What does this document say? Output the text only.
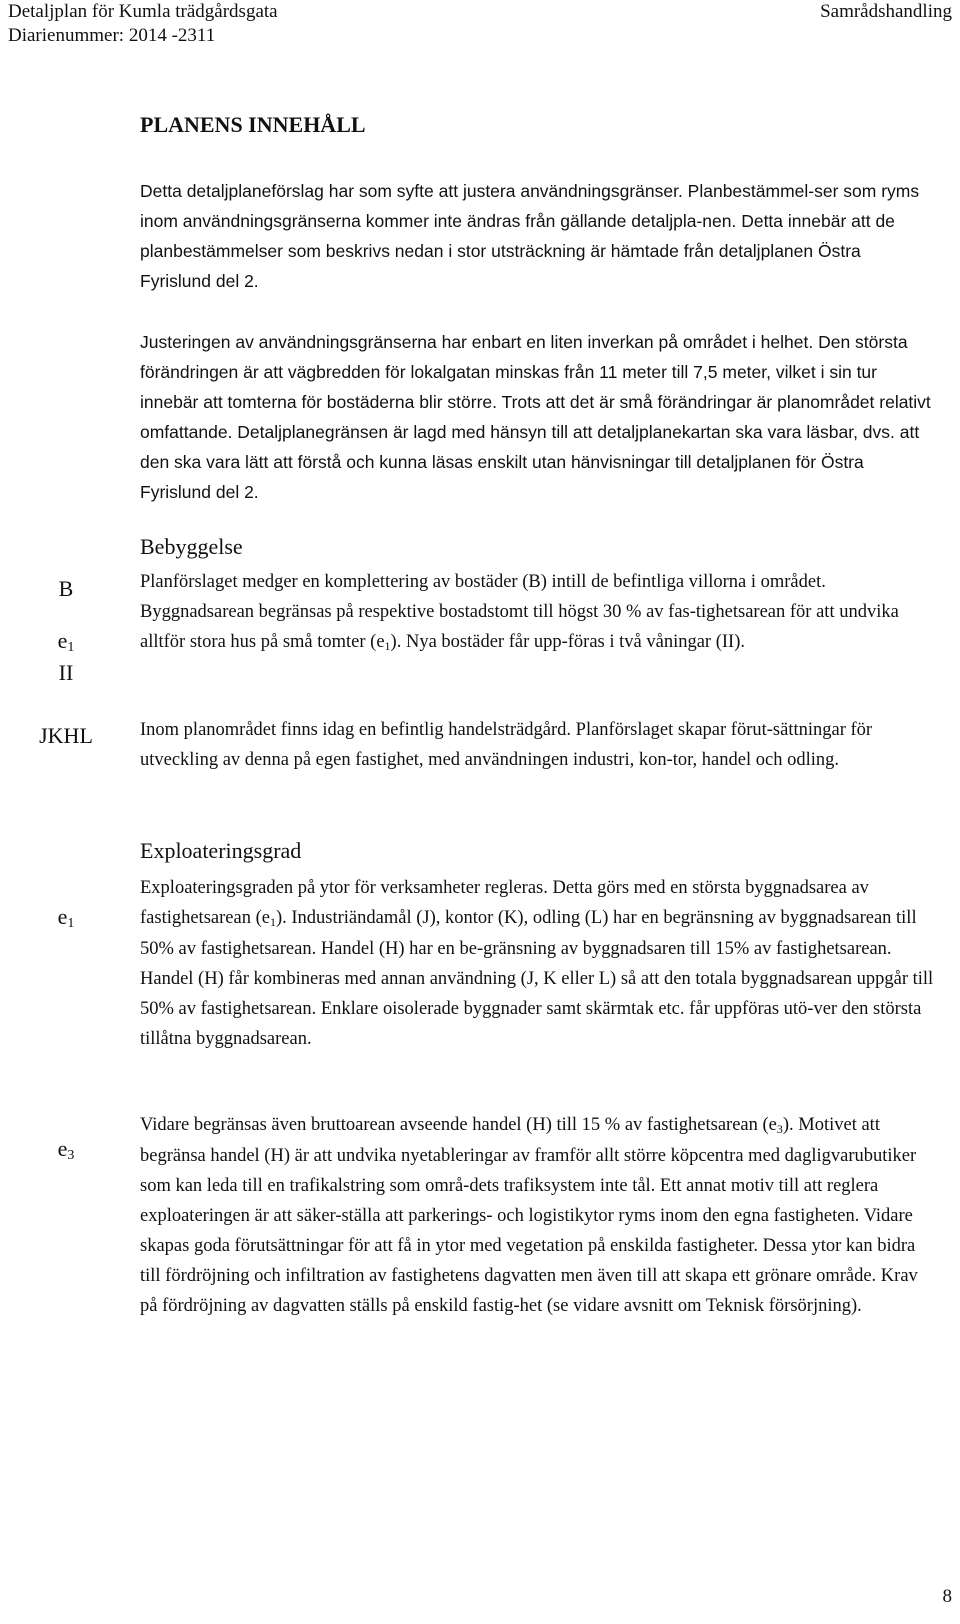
Detaljplan för Kumla trädgårdsgata
Diarienummer: 2014 -2311
Samrådshandling
PLANENS INNEHÅLL

Detta detaljplaneförslag har som syfte att justera användningsgränser. Planbestämmel-ser som ryms inom användningsgränserna kommer inte ändras från gällande detaljpla-nen. Detta innebär att de planbestämmelser som beskrivs nedan i stor utsträckning är hämtade från detaljplanen Östra Fyrislund del 2.

Justeringen av användningsgränserna har enbart en liten inverkan på området i helhet. Den största förändringen är att vägbredden för lokalgatan minskas från 11 meter till 7,5 meter, vilket i sin tur innebär att tomterna för bostäderna blir större. Trots att det är små förändringar är planområdet relativt omfattande. Detaljplanegränsen är lagd med hänsyn till att detaljplanekartan ska vara läsbar, dvs. att den ska vara lätt att förstå och kunna läsas enskilt utan hänvisningar till detaljplanen för Östra Fyrislund del 2.

Bebyggelse
B
$e_1$
II
JKHL

Planförslaget medger en komplettering av bostäder (B) intill de befintliga villorna i området. Byggnadsarean begränsas på respektive bostadstomt till högst 30 % av fas-tighetsarean för att undvika alltför stora hus på små tomter $(e_1)$. Nya bostäder får upp-föras i två våningar (II).

Inom planområdet finns idag en befintlig handelsträdgård. Planförslaget skapar förut-sättningar för utveckling av denna på egen fastighet, med användningen industri, kon-tor, handel och odling.

Exploateringsgrad
$e_1$
$e_3$

Exploateringsgraden på ytor för verksamheter regleras. Detta görs med en största byggnadsarea av fastighetsarean $(e_1)$. Industriändamål (J), kontor (K), odling (L) har en begränsning av byggnadsarean till 50% av fastighetsarean. Handel (H) har en be-gränsning av byggnadsaren till 15% av fastighetsarean. Handel (H) får kombineras med annan användning (J, K eller L) så att den totala byggnadsarean uppgår till 50% av fastighetsarean. Enklare oisolerade byggnader samt skärmtak etc. får uppföras utö-ver den största tillåtna byggnadsarean.

Vidare begränsas även bruttoarean avseende handel (H) till 15 % av fastighetsarean $(e_3)$. Motivet att begränsa handel (H) är att undvika nyetableringar av framför allt större köpcentra med dagligvarubutiker som kan leda till en trafikalstring som områ-dets trafiksystem inte tål. Ett annat motiv till att reglera exploateringen är att säker-ställa att parkerings- och logistikytor ryms inom den egna fastigheten. Vidare skapas goda förutsättningar för att få in ytor med vegetation på enskilda fastigheter. Dessa ytor kan bidra till fördröjning och infiltration av fastighetens dagvatten men även till att skapa ett grönare område. Krav på fördröjning av dagvatten ställs på enskild fastig-het (se vidare avsnitt om Teknisk försörjning).

8
